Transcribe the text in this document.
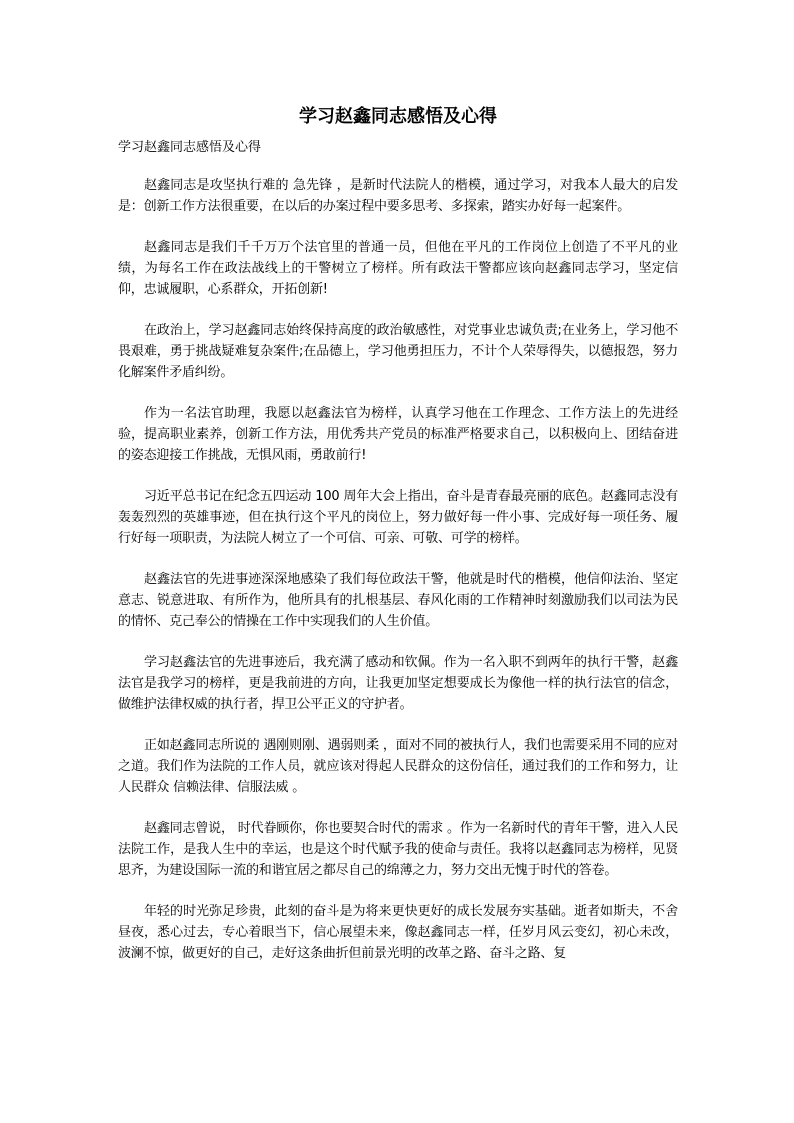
学习赵鑫同志感悟及心得

学习赵鑫同志感悟及心得

赵鑫同志是攻坚执行难的 急先锋 ，是新时代法院人的楷模，通过学习，对我本人最大的启发是：创新工作方法很重要，在以后的办案过程中要多思考、多探索，踏实办好每一起案件。

赵鑫同志是我们千千万万个法官里的普通一员，但他在平凡的工作岗位上创造了不平凡的业绩，为每名工作在政法战线上的干警树立了榜样。所有政法干警都应该向赵鑫同志学习，坚定信仰，忠诚履职，心系群众，开拓创新!

在政治上，学习赵鑫同志始终保持高度的政治敏感性，对党事业忠诚负责;在业务上，学习他不畏艰难，勇于挑战疑难复杂案件;在品德上，学习他勇担压力，不计个人荣辱得失，以德报怨，努力化解案件矛盾纠纷。

作为一名法官助理，我愿以赵鑫法官为榜样，认真学习他在工作理念、工作方法上的先进经验，提高职业素养，创新工作方法，用优秀共产党员的标准严格要求自己，以积极向上、团结奋进的姿态迎接工作挑战，无惧风雨，勇敢前行!

习近平总书记在纪念五四运动 100 周年大会上指出，奋斗是青春最亮丽的底色。赵鑫同志没有轰轰烈烈的英雄事迹，但在执行这个平凡的岗位上，努力做好每一件小事、完成好每一项任务、履行好每一项职责，为法院人树立了一个可信、可亲、可敬、可学的榜样。

赵鑫法官的先进事迹深深地感染了我们每位政法干警，他就是时代的楷模，他信仰法治、坚定意志、锐意进取、有所作为，他所具有的扎根基层、春风化雨的工作精神时刻激励我们以司法为民的情怀、克己奉公的情操在工作中实现我们的人生价值。

学习赵鑫法官的先进事迹后，我充满了感动和钦佩。作为一名入职不到两年的执行干警，赵鑫法官是我学习的榜样，更是我前进的方向，让我更加坚定想要成长为像他一样的执行法官的信念，做维护法律权威的执行者，捍卫公平正义的守护者。

正如赵鑫同志所说的 遇刚则刚、遇弱则柔 ，面对不同的被执行人，我们也需要采用不同的应对之道。我们作为法院的工作人员，就应该对得起人民群众的这份信任，通过我们的工作和努力，让人民群众 信赖法律、信服法威 。

赵鑫同志曾说， 时代眷顾你，你也要契合时代的需求 。作为一名新时代的青年干警，进入人民法院工作，是我人生中的幸运，也是这个时代赋予我的使命与责任。我将以赵鑫同志为榜样，见贤思齐，为建设国际一流的和谐宜居之都尽自己的绵薄之力，努力交出无愧于时代的答卷。

年轻的时光弥足珍贵，此刻的奋斗是为将来更快更好的成长发展夯实基础。逝者如斯夫，不舍昼夜，悉心过去，专心着眼当下，信心展望未来，像赵鑫同志一样，任岁月风云变幻，初心未改，波澜不惊，做更好的自己，走好这条曲折但前景光明的改革之路、奋斗之路、复
